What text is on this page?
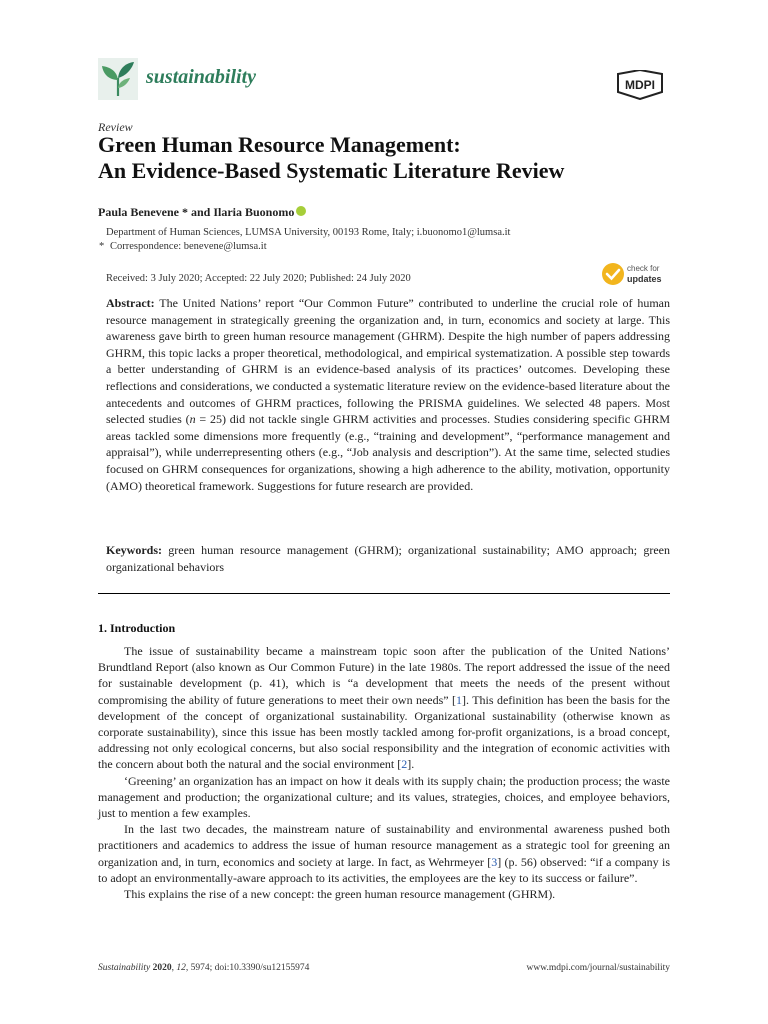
sustainability	MDPI
Review
Green Human Resource Management:
An Evidence-Based Systematic Literature Review
Paula Benevene * and Ilaria Buonomo
Department of Human Sciences, LUMSA University, 00193 Rome, Italy; i.buonomo1@lumsa.it
* Correspondence: benevene@lumsa.it
Received: 3 July 2020; Accepted: 22 July 2020; Published: 24 July 2020
check for
updates
Abstract: The United Nations’ report “Our Common Future” contributed to underline the crucial role of human resource management in strategically greening the organization and, in turn, economics and society at large. This awareness gave birth to green human resource management (GHRM). Despite the high number of papers addressing GHRM, this topic lacks a proper theoretical, methodological, and empirical systematization. A possible step towards a better understanding of GHRM is an evidence-based analysis of its practices’ outcomes. Developing these reflections and considerations, we conducted a systematic literature review on the evidence-based literature about the antecedents and outcomes of GHRM practices, following the PRISMA guidelines. We selected 48 papers. Most selected studies (n = 25) did not tackle single GHRM activities and processes. Studies considering specific GHRM areas tackled some dimensions more frequently (e.g., “training and development”, “performance management and appraisal”), while underrepresenting others (e.g., “Job analysis and description”). At the same time, selected studies focused on GHRM consequences for organizations, showing a high adherence to the ability, motivation, opportunity (AMO) theoretical framework. Suggestions for future research are provided.
Keywords: green human resource management (GHRM); organizational sustainability; AMO approach; green organizational behaviors
1. Introduction

The issue of sustainability became a mainstream topic soon after the publication of the United Nations’ Brundtland Report (also known as Our Common Future) in the late 1980s. The report addressed the issue of the need for sustainable development (p. 41), which is “a development that meets the needs of the present without compromising the ability of future generations to meet their own needs” [1]. This definition has been the basis for the development of the concept of organizational sustainability. Organizational sustainability (otherwise known as corporate sustainability), since this issue has been mostly tackled among for-profit organizations, is a broad concept, addressing not only ecological concerns, but also social responsibility and the integration of economic activities with the concern about both the natural and the social environment [2].

‘Greening’ an organization has an impact on how it deals with its supply chain; the production process; the waste management and production; the organizational culture; and its values, strategies, choices, and employee behaviors, just to mention a few examples.

In the last two decades, the mainstream nature of sustainability and environmental awareness pushed both practitioners and academics to address the issue of human resource management as a strategic tool for greening an organization and, in turn, economics and society at large. In fact, as Wehrmeyer [3] (p. 56) observed: “if a company is to adopt an environmentally-aware approach to its activities, the employees are the key to its success or failure”.

This explains the rise of a new concept: the green human resource management (GHRM).

Sustainability 2020, 12, 5974; doi:10.3390/su12155974	www.mdpi.com/journal/sustainability
